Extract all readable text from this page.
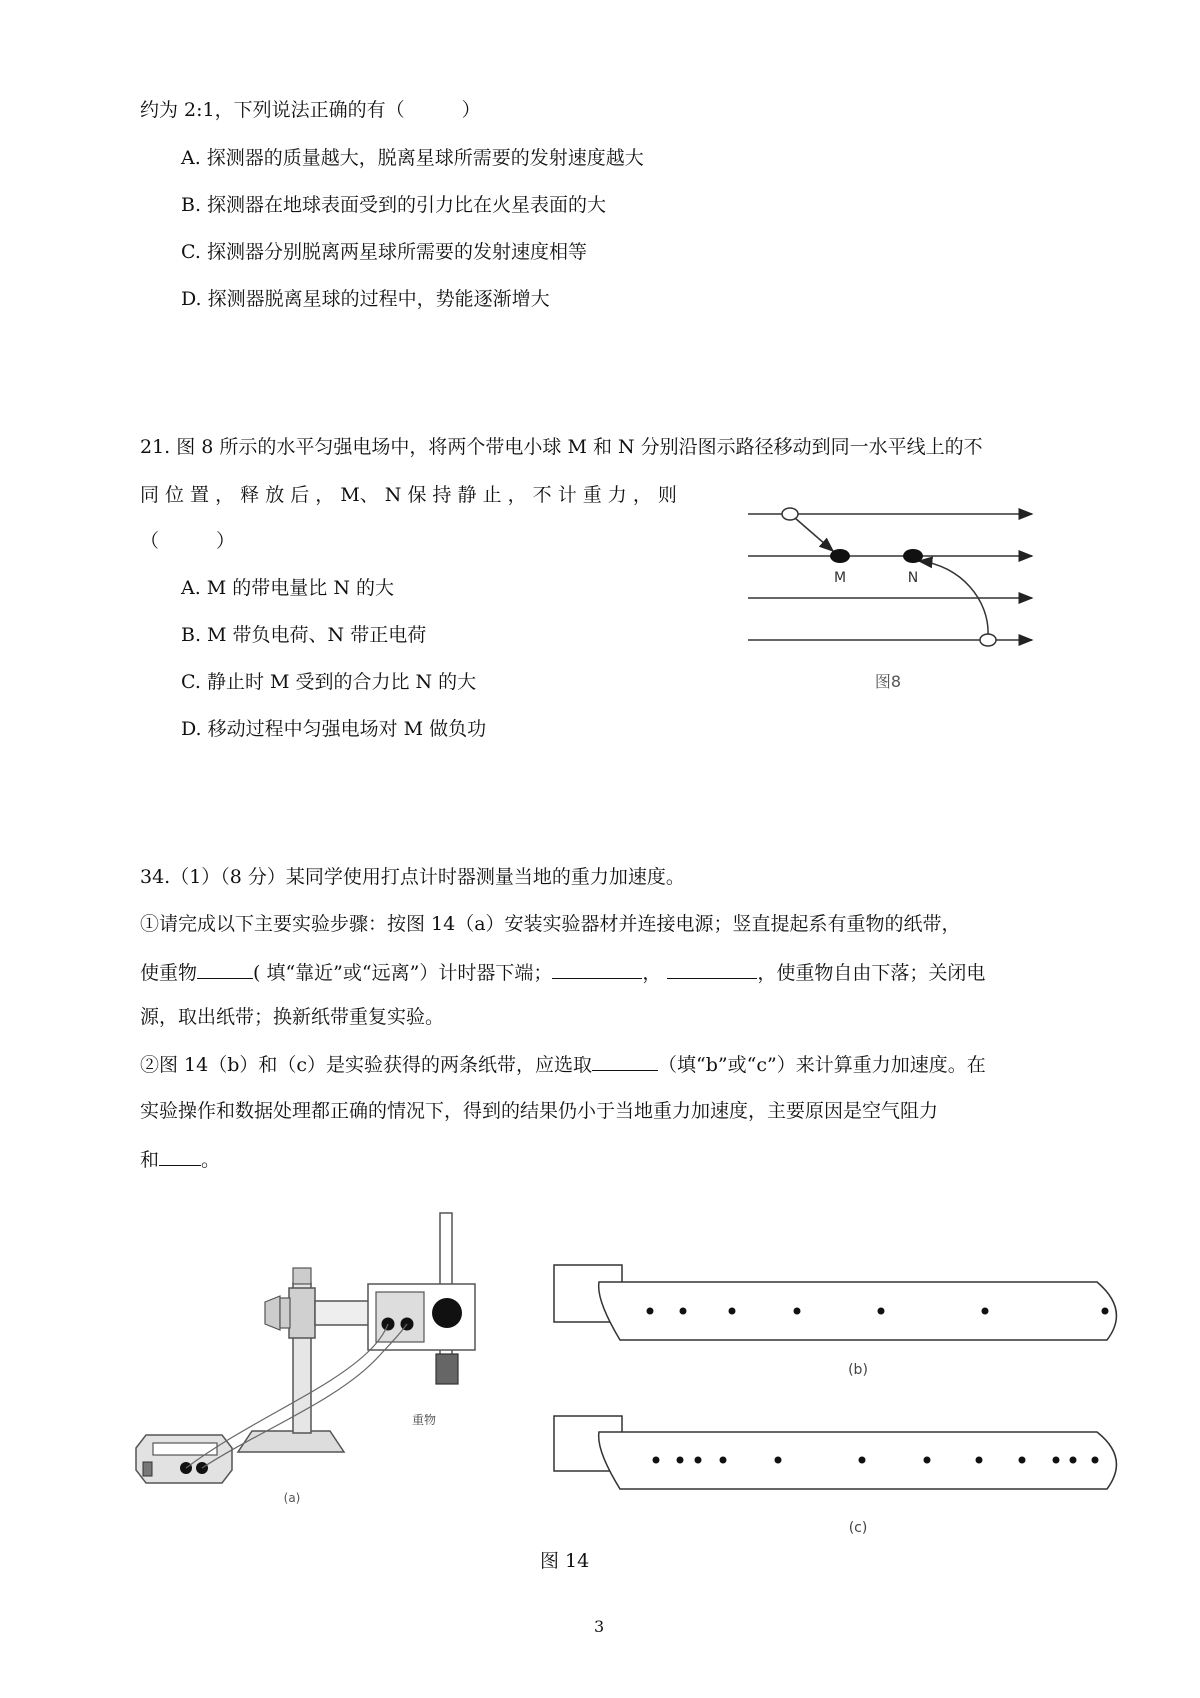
约为 2:1，下列说法正确的有（　　　）
A. 探测器的质量越大，脱离星球所需要的发射速度越大
B. 探测器在地球表面受到的引力比在火星表面的大
C. 探测器分别脱离两星球所需要的发射速度相等
D. 探测器脱离星球的过程中，势能逐渐增大
21. 图 8 所示的水平匀强电场中，将两个带电小球 M 和 N 分别沿图示路径移动到同一水平线上的不
同 位 置 ， 释 放 后 ， M、 N 保 持 静 止 ， 不 计 重 力 ， 则
（　　　）
A. M 的带电量比 N 的大
B. M 带负电荷、N 带正电荷
C. 静止时 M 受到的合力比 N 的大
D. 移动过程中匀强电场对 M 做负功
M	N
图8
34.（1）（8 分）某同学使用打点计时器测量当地的重力加速度。
①请完成以下主要实验步骤：按图 14（a）安装实验器材并连接电源；竖直提起系有重物的纸带，
使重物	( 填“靠近”或“远离”）计时器下端；	，	，使重物自由下落；关闭电
源，取出纸带；换新纸带重复实验。
②图 14（b）和（c）是实验获得的两条纸带，应选取	（填“b”或“c”）来计算重力加速度。在
实验操作和数据处理都正确的情况下，得到的结果仍小于当地重力加速度，主要原因是空气阻力
和 。
重物
(a)
(b)
(c)
图 14
3
